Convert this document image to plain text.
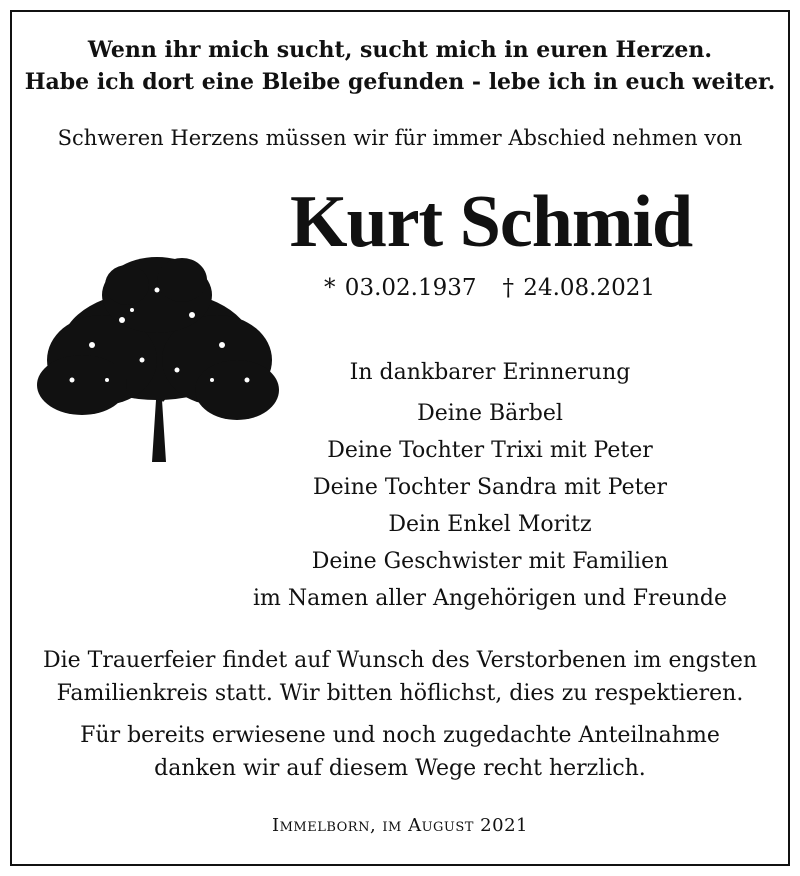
Wenn ihr mich sucht, sucht mich in euren Herzen.
Habe ich dort eine Bleibe gefunden - lebe ich in euch weiter.
Schweren Herzens müssen wir für immer Abschied nehmen von
Kurt Schmid
* 03.02.1937 † 24.08.2021
In dankbarer Erinnerung
Deine Bärbel
Deine Tochter Trixi mit Peter
Deine Tochter Sandra mit Peter
Dein Enkel Moritz
Deine Geschwister mit Familien
im Namen aller Angehörigen und Freunde
Die Trauerfeier findet auf Wunsch des Verstorbenen im engsten
Familienkreis statt. Wir bitten höflichst, dies zu respektieren.
Für bereits erwiesene und noch zugedachte Anteilnahme
danken wir auf diesem Wege recht herzlich.
Immelborn, im August 2021
